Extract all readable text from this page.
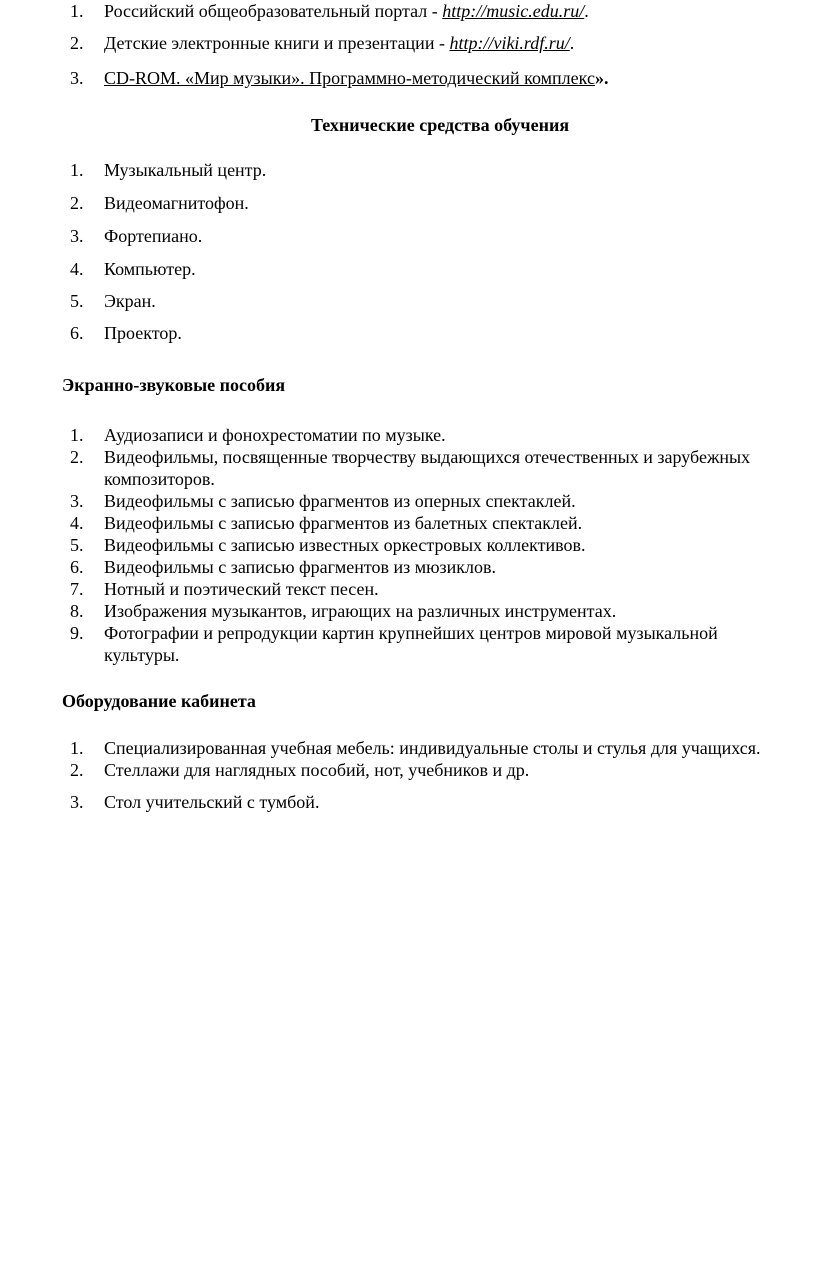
1.	Российский общеобразовательный портал - http://music.edu.ru/.
2.	Детские электронные книги и презентации - http://viki.rdf.ru/.
3.	CD-ROM. «Мир музыки». Программно-методический комплекс».
Технические средства обучения
1.	Музыкальный центр.
2.	Видеомагнитофон.
3.	Фортепиано.
4.	Компьютер.
5.	Экран.
6.	Проектор.
Экранно-звуковые пособия
1.	Аудиозаписи и фонохрестоматии по музыке.
2.	Видеофильмы, посвященные творчеству выдающихся отечественных и зарубежных
композиторов.
3.	Видеофильмы с записью фрагментов из оперных спектаклей.
4.	Видеофильмы с записью фрагментов из балетных спектаклей.
5.	Видеофильмы с записью известных оркестровых коллективов.
6.	Видеофильмы с записью фрагментов из мюзиклов.
7.	Нотный и поэтический текст песен.
8.	Изображения музыкантов, играющих на различных инструментах.
9.	Фотографии и репродукции картин крупнейших центров мировой музыкальной
культуры.
Оборудование кабинета
1.	Специализированная учебная мебель: индивидуальные столы и стулья для учащихся.
2.	Стеллажи для наглядных пособий, нот, учебников и др.
3.	Стол учительский с тумбой.
